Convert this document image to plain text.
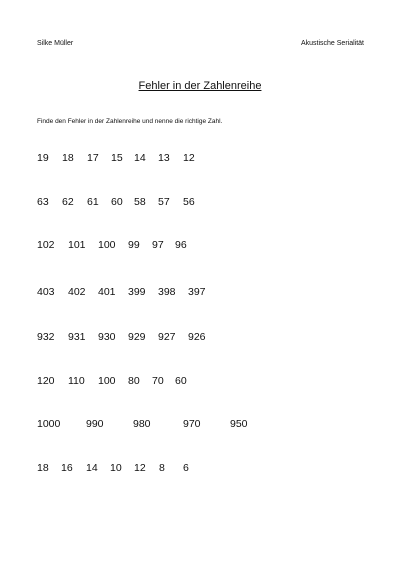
Silke Müller	Akustische Serialität
Fehler in der Zahlenreihe
Finde den Fehler in der Zahlenreihe und nenne die richtige Zahl.
19 18 17 15 14 13 12
63 62 61 60 58 57 56
102 101 100 99 97 96
403 402 401 399 398 397
932 931 930 929 927 926
120 110 100 80 70 60
1000 990	980	970	950
18 16 14 10 12 8 6
